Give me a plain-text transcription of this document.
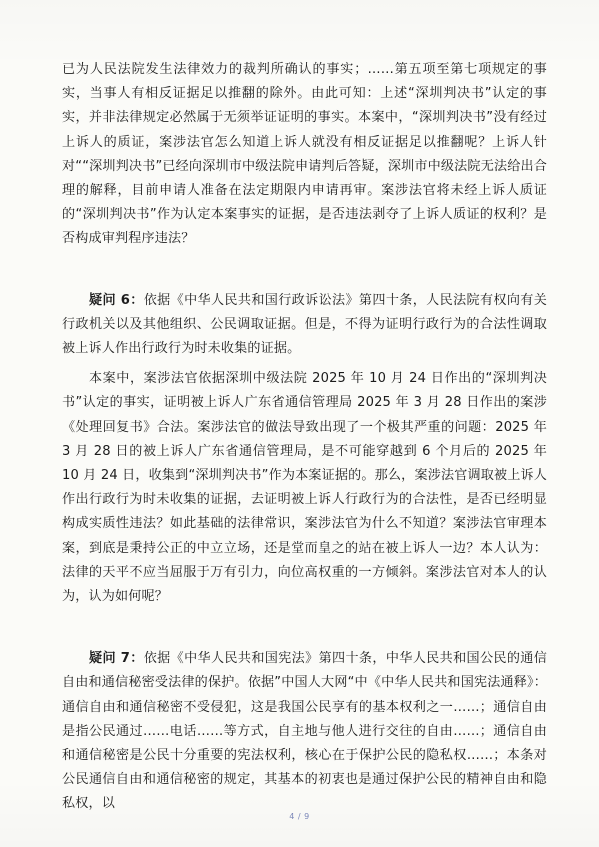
已为人民法院发生法律效力的裁判所确认的事实；……第五项至第七项规定的事实，当事人有相反证据足以推翻的除外。由此可知：上述“深圳判决书”认定的事实，并非法律规定必然属于无须举证证明的事实。本案中，“深圳判决书”没有经过上诉人的质证，案涉法官怎么知道上诉人就没有相反证据足以推翻呢？上诉人针对““深圳判决书”已经向深圳市中级法院申请判后答疑，深圳市中级法院无法给出合理的解释，目前申请人准备在法定期限内申请再审。案涉法官将未经上诉人质证的“深圳判决书”作为认定本案事实的证据，是否违法剥夺了上诉人质证的权利？是否构成审判程序违法？

疑问 6：依据《中华人民共和国行政诉讼法》第四十条，人民法院有权向有关行政机关以及其他组织、公民调取证据。但是，不得为证明行政行为的合法性调取被上诉人作出行政行为时未收集的证据。

本案中，案涉法官依据深圳中级法院 2025 年 10 月 24 日作出的“深圳判决书”认定的事实，证明被上诉人广东省通信管理局 2025 年 3 月 28 日作出的案涉《处理回复书》合法。案涉法官的做法导致出现了一个极其严重的问题：2025 年 3 月 28 日的被上诉人广东省通信管理局，是不可能穿越到 6 个月后的 2025 年 10 月 24 日，收集到“深圳判决书”作为本案证据的。那么，案涉法官调取被上诉人作出行政行为时未收集的证据，去证明被上诉人行政行为的合法性，是否已经明显构成实质性违法？如此基础的法律常识，案涉法官为什么不知道？案涉法官审理本案，到底是秉持公正的中立立场，还是堂而皇之的站在被上诉人一边？本人认为：法律的天平不应当屈服于万有引力，向位高权重的一方倾斜。案涉法官对本人的认为，认为如何呢？

疑问 7：依据《中华人民共和国宪法》第四十条，中华人民共和国公民的通信自由和通信秘密受法律的保护。依据”中国人大网“中《中华人民共和国宪法通释》：通信自由和通信秘密不受侵犯，这是我国公民享有的基本权利之一……；通信自由是指公民通过……电话……等方式，自主地与他人进行交往的自由……；通信自由和通信秘密是公民十分重要的宪法权利，核心在于保护公民的隐私权……；本条对公民通信自由和通信秘密的规定，其基本的初衷也是通过保护公民的精神自由和隐私权，以

4 / 9
